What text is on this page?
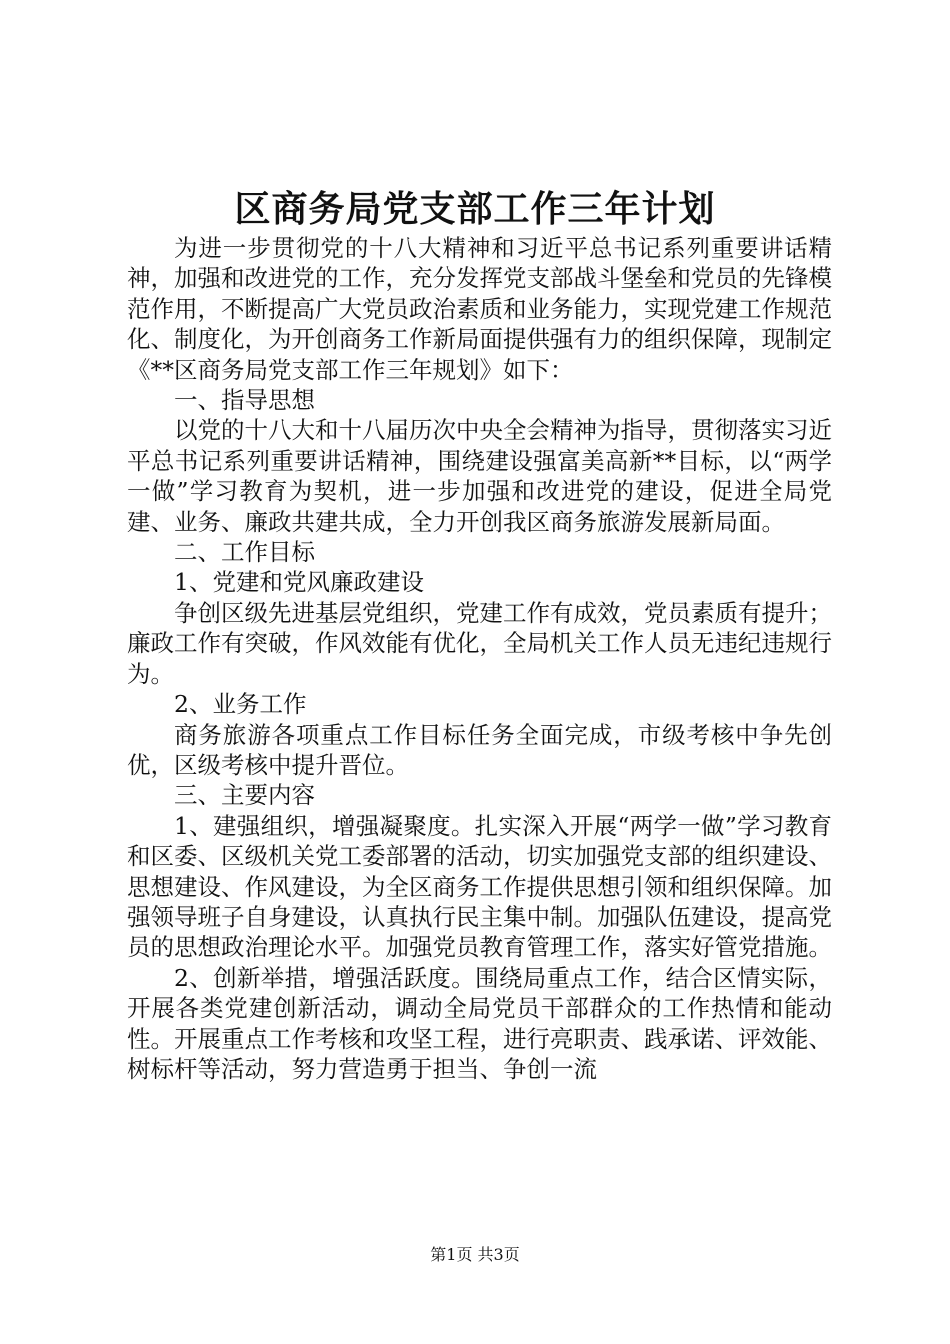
区商务局党支部工作三年计划

为进一步贯彻党的十八大精神和习近平总书记系列重要讲话精神，加强和改进党的工作，充分发挥党支部战斗堡垒和党员的先锋模范作用，不断提高广大党员政治素质和业务能力，实现党建工作规范化、制度化，为开创商务工作新局面提供强有力的组织保障，现制定《**区商务局党支部工作三年规划》如下：

一、指导思想

以党的十八大和十八届历次中央全会精神为指导，贯彻落实习近平总书记系列重要讲话精神，围绕建设强富美高新**目标，以“两学一做”学习教育为契机，进一步加强和改进党的建设，促进全局党建、业务、廉政共建共成，全力开创我区商务旅游发展新局面。

二、工作目标

1、党建和党风廉政建设

争创区级先进基层党组织，党建工作有成效，党员素质有提升；廉政工作有突破，作风效能有优化，全局机关工作人员无违纪违规行为。

2、业务工作

商务旅游各项重点工作目标任务全面完成，市级考核中争先创优，区级考核中提升晋位。

三、主要内容

1、建强组织，增强凝聚度。扎实深入开展“两学一做”学习教育和区委、区级机关党工委部署的活动，切实加强党支部的组织建设、思想建设、作风建设，为全区商务工作提供思想引领和组织保障。加强领导班子自身建设，认真执行民主集中制。加强队伍建设，提高党员的思想政治理论水平。加强党员教育管理工作，落实好管党措施。

2、创新举措，增强活跃度。围绕局重点工作，结合区情实际，开展各类党建创新活动，调动全局党员干部群众的工作热情和能动性。开展重点工作考核和攻坚工程，进行亮职责、践承诺、评效能、树标杆等活动，努力营造勇于担当、争创一流

第1页 共3页
